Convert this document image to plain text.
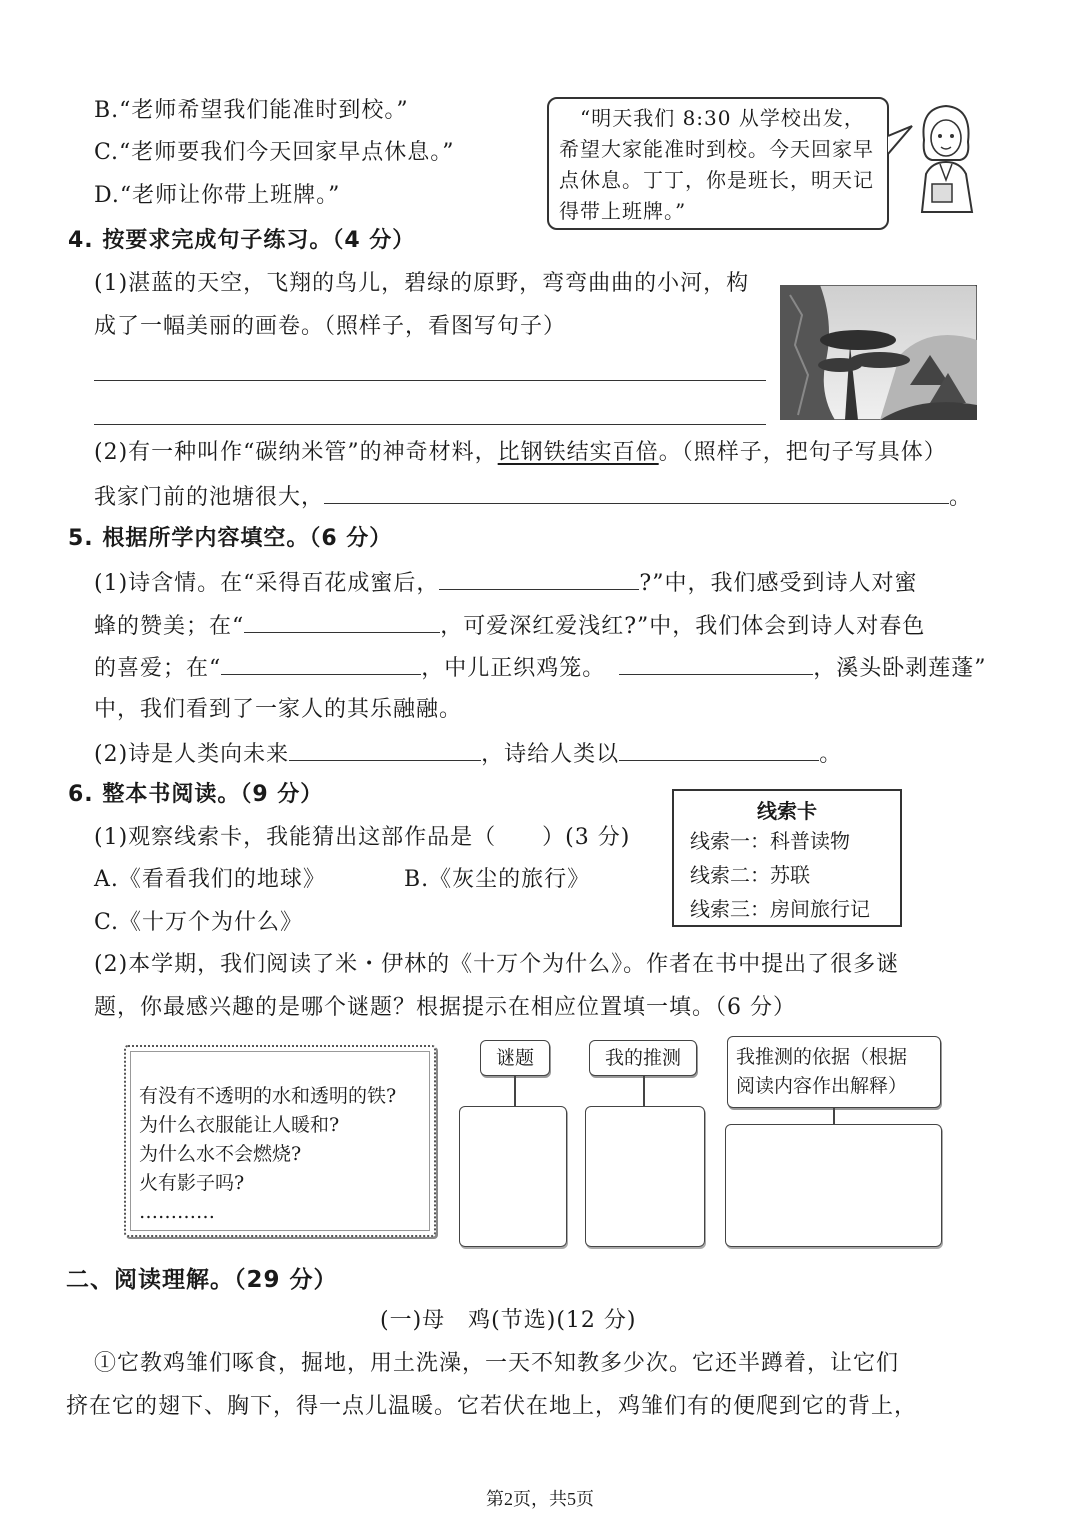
B.“老师希望我们能准时到校。”
C.“老师要我们今天回家早点休息。”
D.“老师让你带上班牌。”
　“明天我们 8:30 从学校出发，
希望大家能准时到校。今天回家早
点休息。丁丁，你是班长，明天记
得带上班牌。”
4. 按要求完成句子练习。（4 分）
(1)湛蓝的天空，飞翔的鸟儿，碧绿的原野，弯弯曲曲的小河，构
成了一幅美丽的画卷。（照样子，看图写句子）
(2)有一种叫作“碳纳米管”的神奇材料，比钢铁结实百倍。（照样子，把句子写具体）
我家门前的池塘很大，	。
5. 根据所学内容填空。（6 分）
(1)诗含情。在“采得百花成蜜后，	?”中，我们感受到诗人对蜜
蜂的赞美；在“	，可爱深红爱浅红?”中，我们体会到诗人对春色
的喜爱；在“	，中儿正织鸡笼。	，溪头卧剥莲蓬”
中，我们看到了一家人的其乐融融。
(2)诗是人类向未来	，诗给人类以	。
6. 整本书阅读。（9 分）
(1)观察线索卡，我能猜出这部作品是（　　）(3 分)
A.《看看我们的地球》	B.《灰尘的旅行》
C.《十万个为什么》
线索卡
线索一：科普读物
线索二：苏联
线索三：房间旅行记
(2)本学期，我们阅读了米・伊林的《十万个为什么》。作者在书中提出了很多谜
题，你最感兴趣的是哪个谜题？根据提示在相应位置填一填。（6 分）
有没有不透明的水和透明的铁?
为什么衣服能让人暖和?
为什么水不会燃烧?
火有影子吗?
…………
谜题	我的推测	我推测的依据（根据
阅读内容作出解释）
二、阅读理解。（29 分）
(一)母　鸡(节选)(12 分)
①它教鸡雏们啄食，掘地，用土洗澡，一天不知教多少次。它还半蹲着，让它们
挤在它的翅下、胸下，得一点儿温暖。它若伏在地上，鸡雏们有的便爬到它的背上，
第2页，共5页
